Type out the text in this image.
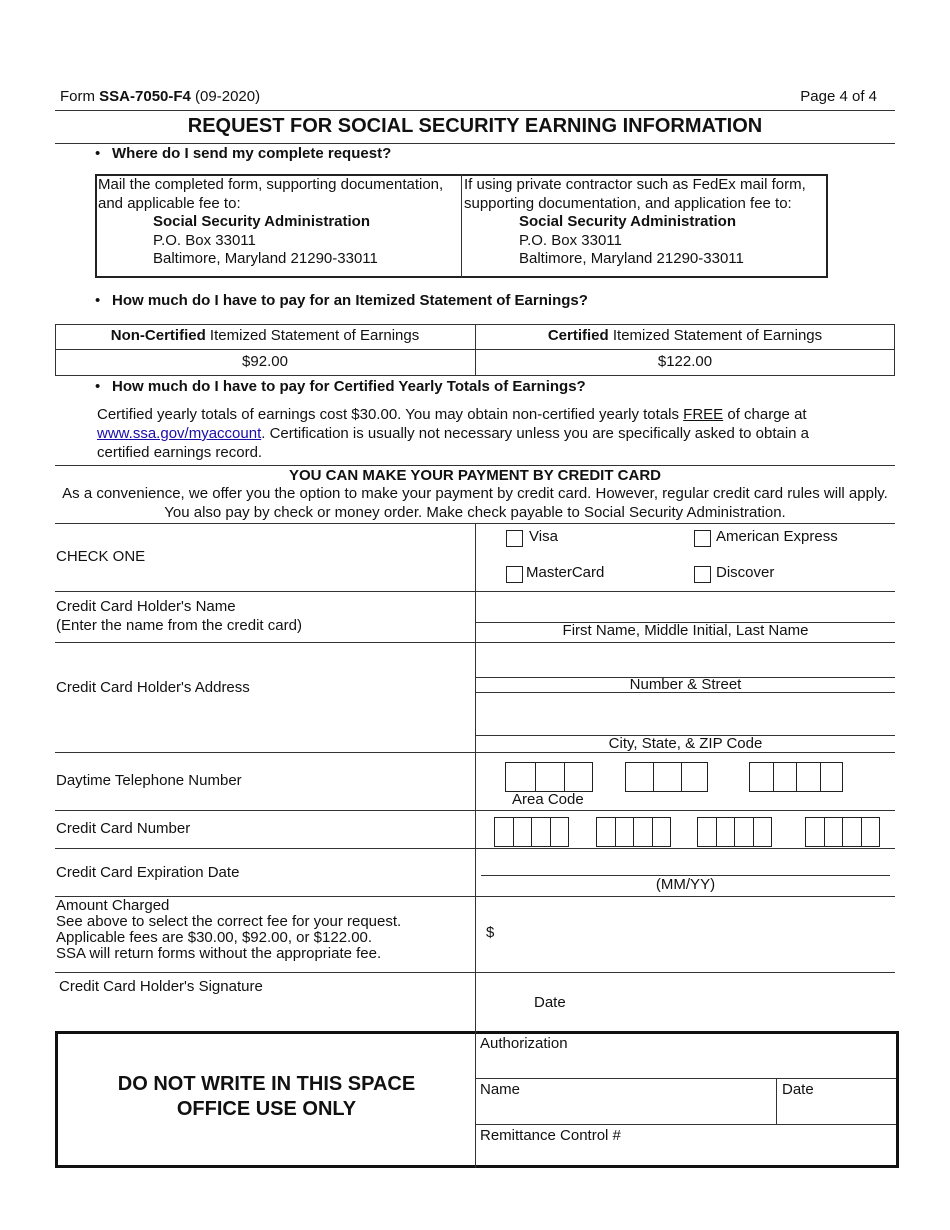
Form SSA-7050-F4 (09-2020)	Page 4 of 4
REQUEST FOR SOCIAL SECURITY EARNING INFORMATION
• Where do I send my complete request?
Mail the completed form, supporting documentation, and applicable fee to:
Social Security Administration
P.O. Box 33011
Baltimore, Maryland 21290-33011
If using private contractor such as FedEx mail form, supporting documentation, and application fee to:
Social Security Administration
P.O. Box 33011
Baltimore, Maryland 21290-33011
• How much do I have to pay for an Itemized Statement of Earnings?
Non-Certified Itemized Statement of Earnings	Certified Itemized Statement of Earnings
$92.00	$122.00
• How much do I have to pay for Certified Yearly Totals of Earnings?
Certified yearly totals of earnings cost $30.00. You may obtain non-certified yearly totals FREE of charge at www.ssa.gov/myaccount. Certification is usually not necessary unless you are specifically asked to obtain a certified earnings record.
YOU CAN MAKE YOUR PAYMENT BY CREDIT CARD
As a convenience, we offer you the option to make your payment by credit card. However, regular credit card rules will apply. You also pay by check or money order. Make check payable to Social Security Administration.
CHECK ONE
Visa	American Express
MasterCard	Discover
Credit Card Holder's Name
(Enter the name from the credit card)	First Name, Middle Initial, Last Name
Credit Card Holder's Address	Number & Street
City, State, & ZIP Code
Daytime Telephone Number
Area Code
Credit Card Number
Credit Card Expiration Date
(MM/YY)
Amount Charged
See above to select the correct fee for your request.
Applicable fees are $30.00, $92.00, or $122.00.
SSA will return forms without the appropriate fee.
$
Credit Card Holder's Signature
Date
DO NOT WRITE IN THIS SPACE
OFFICE USE ONLY
Authorization
Name	Date
Remittance Control #
